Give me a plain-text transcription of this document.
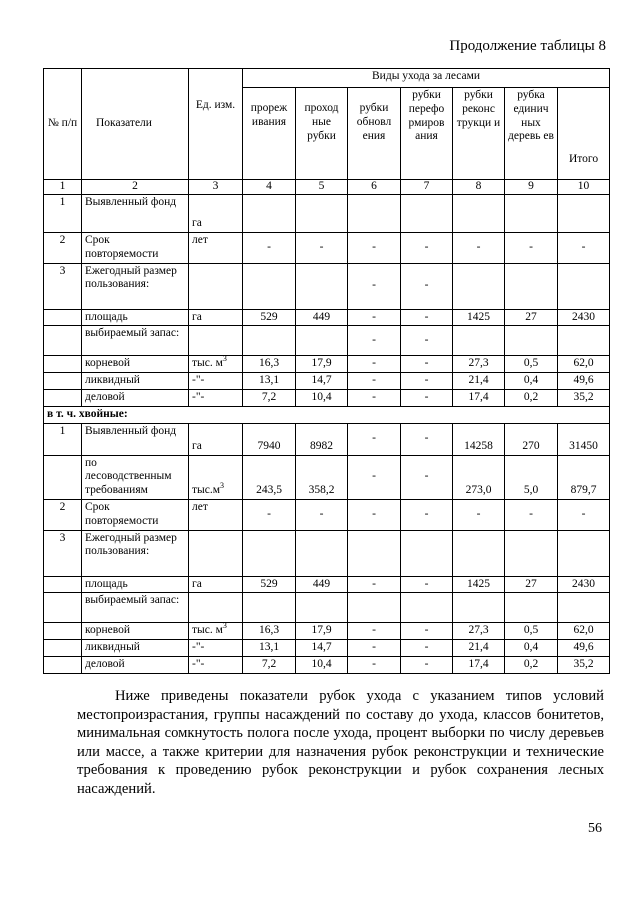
Продолжение таблицы 8
№ п/п	Показатели	Ед. изм.	Виды ухода за лесами						
			прореж ивания	проход ные рубки	рубки обновл ения	рубки перефо рмиров ания	рубки реконс трукци и	рубка единич ных деревь ев	Итого
1	2	3	4	5	6	7	8	9	10
1	Выявленный фонд	га							
2	Срок повторяемости	лет	-	-	-	-	-	-	-
3	Ежегодный размер пользования:				-	-			
	площадь	га	529	449	-	-	1425	27	2430
	выбираемый запас:				-	-			
	корневой	тыс. $м^3$	16,3	17,9	-	-	27,3	0,5	62,0
	ликвидный	-"-	13,1	14,7	-	-	21,4	0,4	49,6
	деловой	-"-	7,2	10,4	-	-	17,4	0,2	35,2
в т. ч. хвойные:									
1	Выявленный фонд	га	7940	8982	-	-	14258	270	31450
	по лесоводственным требованиям	$тыс.м^3$	243,5	358,2	-	-	273,0	5,0	879,7
2	Срок повторяемости	лет	-	-	-	-	-	-	-
3	Ежегодный размер пользования:								
	площадь	га	529	449	-	-	1425	27	2430
	выбираемый запас:								
	корневой	тыс. $м^3$	16,3	17,9	-	-	27,3	0,5	62,0
	ликвидный	-"-	13,1	14,7	-	-	21,4	0,4	49,6
	деловой	-"-	7,2	10,4	-	-	17,4	0,2	35,2

Ниже приведены показатели рубок ухода с указанием типов условий местопроизрастания, группы насаждений по составу до ухода, классов бонитетов, минимальная сомкнутость полога после ухода, процент выборки по числу деревьев или массе, а также критерии для назначения рубок реконструкции и технические требования к проведению рубок реконструкции и рубок сохранения лесных насаждений.

56
